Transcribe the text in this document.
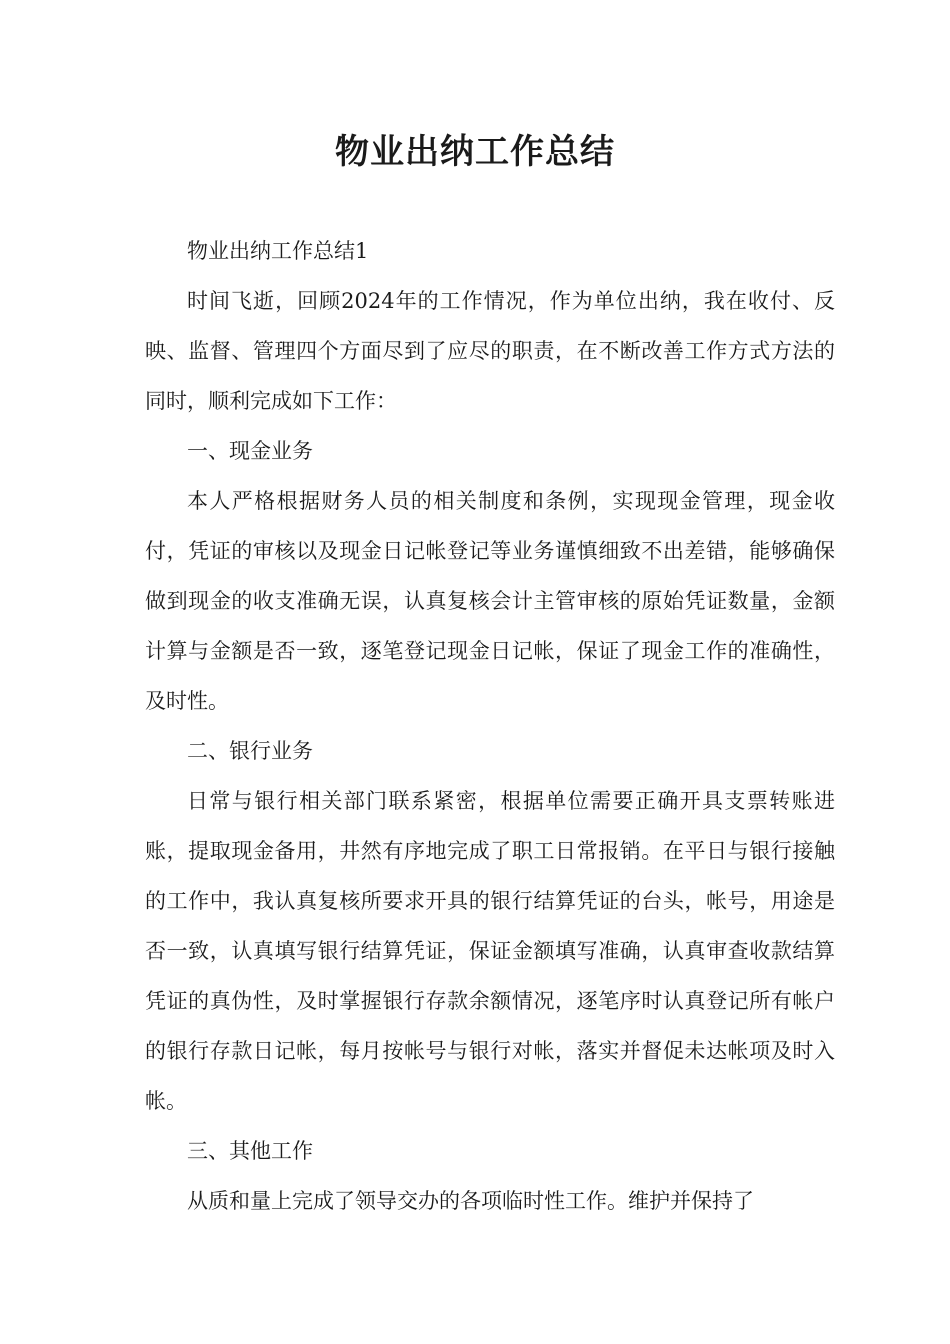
物业出纳工作总结

物业出纳工作总结1

时间飞逝，回顾2024年的工作情况，作为单位出纳，我在收付、反映、监督、管理四个方面尽到了应尽的职责，在不断改善工作方式方法的同时，顺利完成如下工作：

一、现金业务

本人严格根据财务人员的相关制度和条例，实现现金管理，现金收付，凭证的审核以及现金日记帐登记等业务谨慎细致不出差错，能够确保做到现金的收支准确无误，认真复核会计主管审核的原始凭证数量，金额计算与金额是否一致，逐笔登记现金日记帐，保证了现金工作的准确性，及时性。

二、银行业务

日常与银行相关部门联系紧密，根据单位需要正确开具支票转账进账，提取现金备用，井然有序地完成了职工日常报销。在平日与银行接触的工作中，我认真复核所要求开具的银行结算凭证的台头，帐号，用途是否一致，认真填写银行结算凭证，保证金额填写准确，认真审查收款结算凭证的真伪性，及时掌握银行存款余额情况，逐笔序时认真登记所有帐户的银行存款日记帐，每月按帐号与银行对帐，落实并督促未达帐项及时入帐。

三、其他工作

从质和量上完成了领导交办的各项临时性工作。维护并保持了
